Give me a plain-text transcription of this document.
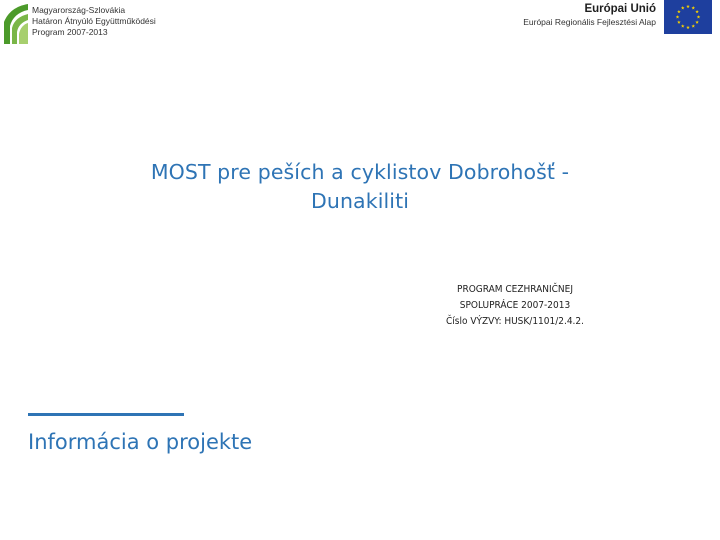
Magyarország-Szlovákia
Határon Átnyúló Együttműködési
Program 2007-2013
Európai Unió
Európai Regionális Fejlesztési Alap
MOST pre peších a cyklistov Dobrohošť -
Dunakiliti
PROGRAM CEZHRANIČNEJ
SPOLUPRÁCE 2007-2013
Číslo VÝZVY: HUSK/1101/2.4.2.
Informácia o projekte
